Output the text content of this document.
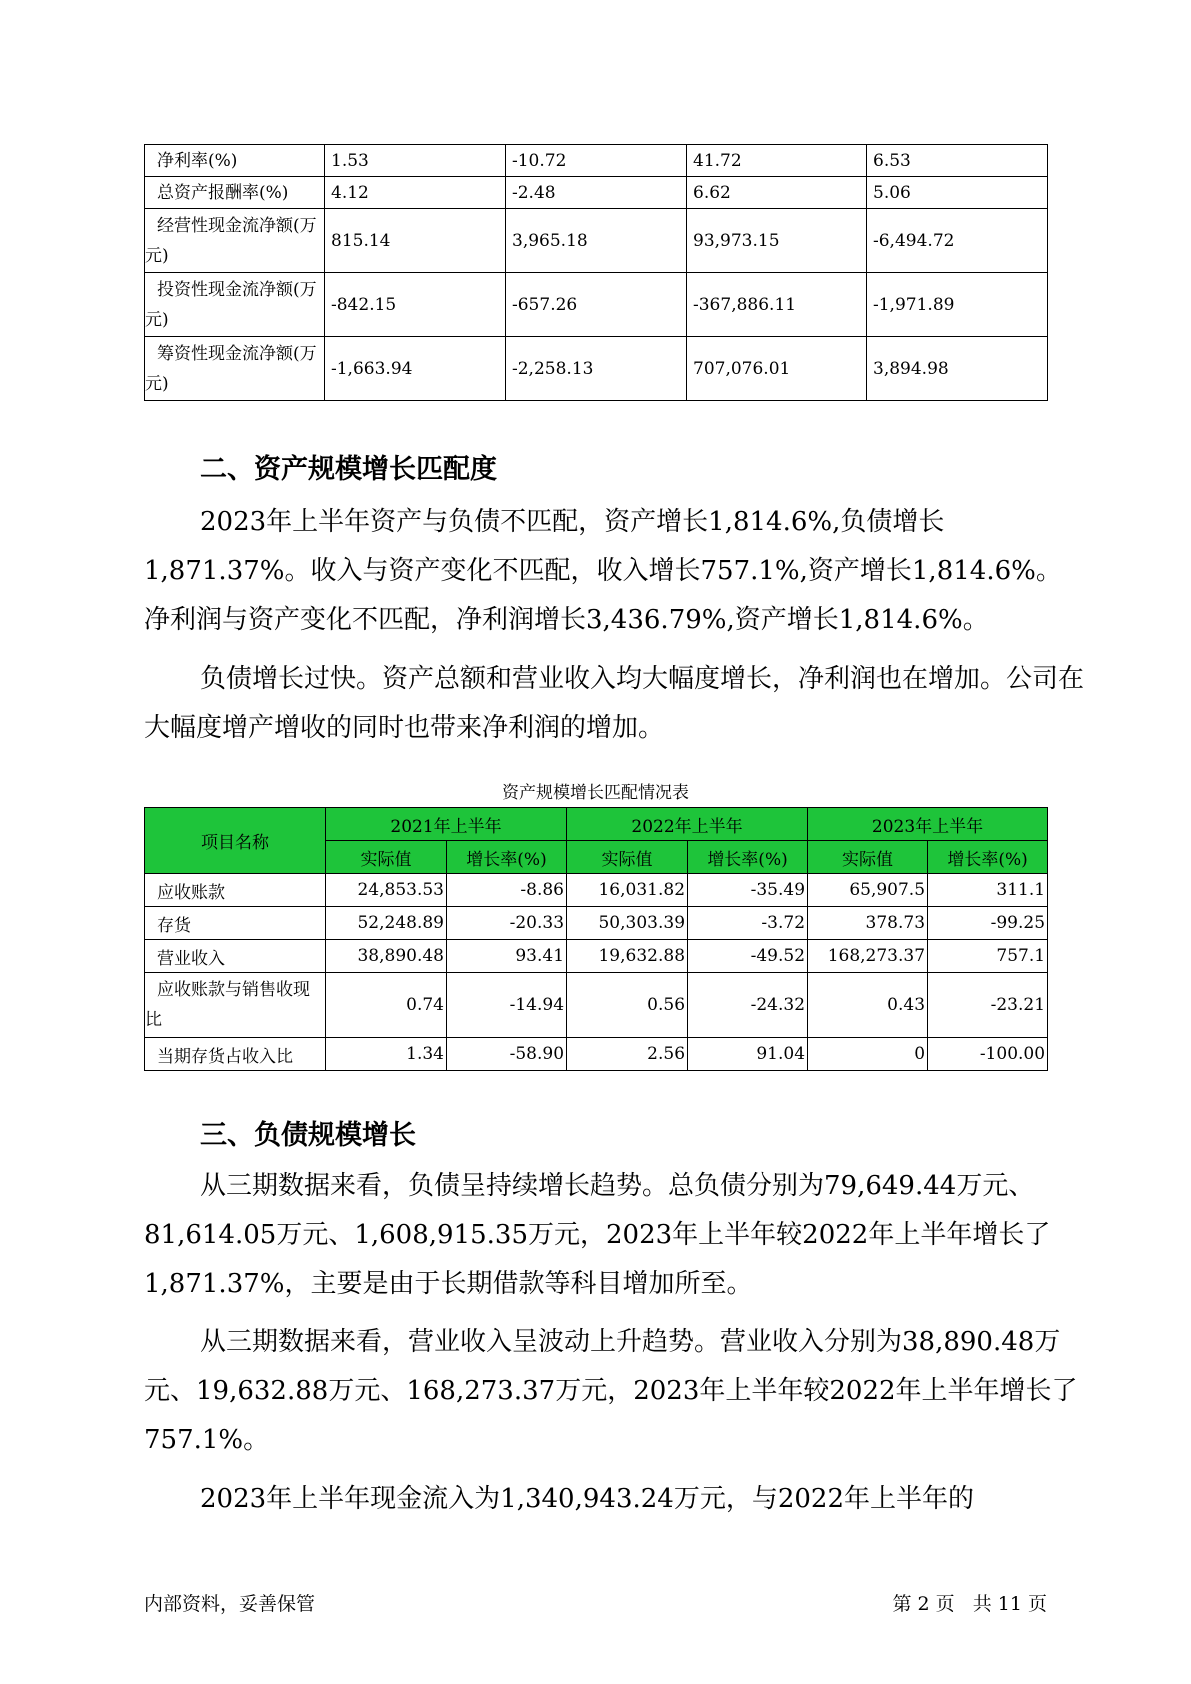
净利率(%)	1.53	-10.72	41.72	6.53
总资产报酬率(%)	4.12	-2.48	6.62	5.06
经营性现金流净额(万元)	815.14	3,965.18	93,973.15	-6,494.72
投资性现金流净额(万元)	-842.15	-657.26	-367,886.11	-1,971.89
筹资性现金流净额(万元)	-1,663.94	-2,258.13	707,076.01	3,894.98
二、资产规模增长匹配度

2023年上半年资产与负债不匹配，资产增长1,814.6%,负债增长1,871.37%。收入与资产变化不匹配，收入增长757.1%,资产增长1,814.6%。净利润与资产变化不匹配，净利润增长3,436.79%,资产增长1,814.6%。

负债增长过快。资产总额和营业收入均大幅度增长，净利润也在增加。公司在大幅度增产增收的同时也带来净利润的增加。

资产规模增长匹配情况表
项目名称	2021年上半年		2022年上半年		2023年上半年	
	实际值	增长率(%)	实际值	增长率(%)	实际值	增长率(%)
应收账款	24,853.53	-8.86	16,031.82	-35.49	65,907.5	311.1
存货	52,248.89	-20.33	50,303.39	-3.72	378.73	-99.25
营业收入	38,890.48	93.41	19,632.88	-49.52	168,273.37	757.1
应收账款与销售收现比	0.74	-14.94	0.56	-24.32	0.43	-23.21
当期存货占收入比	1.34	-58.90	2.56	91.04	0	-100.00
三、负债规模增长

从三期数据来看，负债呈持续增长趋势。总负债分别为79,649.44万元、81,614.05万元、1,608,915.35万元，2023年上半年较2022年上半年增长了1,871.37%，主要是由于长期借款等科目增加所至。

从三期数据来看，营业收入呈波动上升趋势。营业收入分别为38,890.48万元、19,632.88万元、168,273.37万元，2023年上半年较2022年上半年增长了757.1%。

2023年上半年现金流入为1,340,943.24万元，与2022年上半年的

内部资料，妥善保管	第 2 页   共 11 页
